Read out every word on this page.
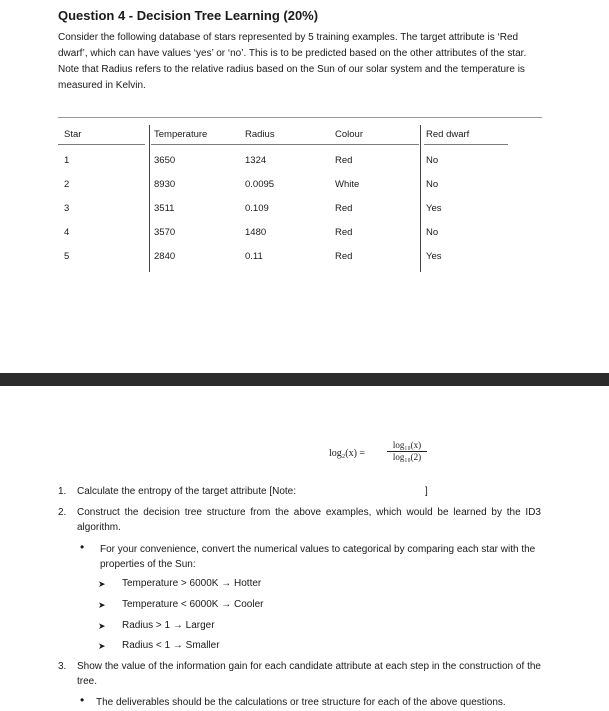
Question 4 - Decision Tree Learning (20%)
Consider the following database of stars represented by 5 training examples. The target attribute is ‘Red dwarf’, which can have values ‘yes’ or ‘no’. This is to be predicted based on the other attributes of the star. Note that Radius refers to the relative radius based on the Sun of our solar system and the temperature is measured in Kelvin.
Star	Temperature	Radius	Colour	Red dwarf
1	3650	1324	Red	No
2	8930	0.0095	White	No
3	3511	0.109	Red	Yes
4	3570	1480	Red	No
5	2840	0.11	Red	Yes
$\log_2(x) = \frac{\text{log₁₀(x)}}{\text{log₁₀(2)}}$
1. Calculate the entropy of the target attribute [Note:	]
2. Construct the decision tree structure from the above examples, which would be learned by the ID3 algorithm.
• For your convenience, convert the numerical values to categorical by comparing each star with the properties of the Sun:
➤ Temperature > 6000K → Hotter
➤ Temperature < 6000K → Cooler
➤ Radius > 1 → Larger
➤ Radius < 1 → Smaller
3. Show the value of the information gain for each candidate attribute at each step in the construction of the tree.
• The deliverables should be the calculations or tree structure for each of the above questions.
